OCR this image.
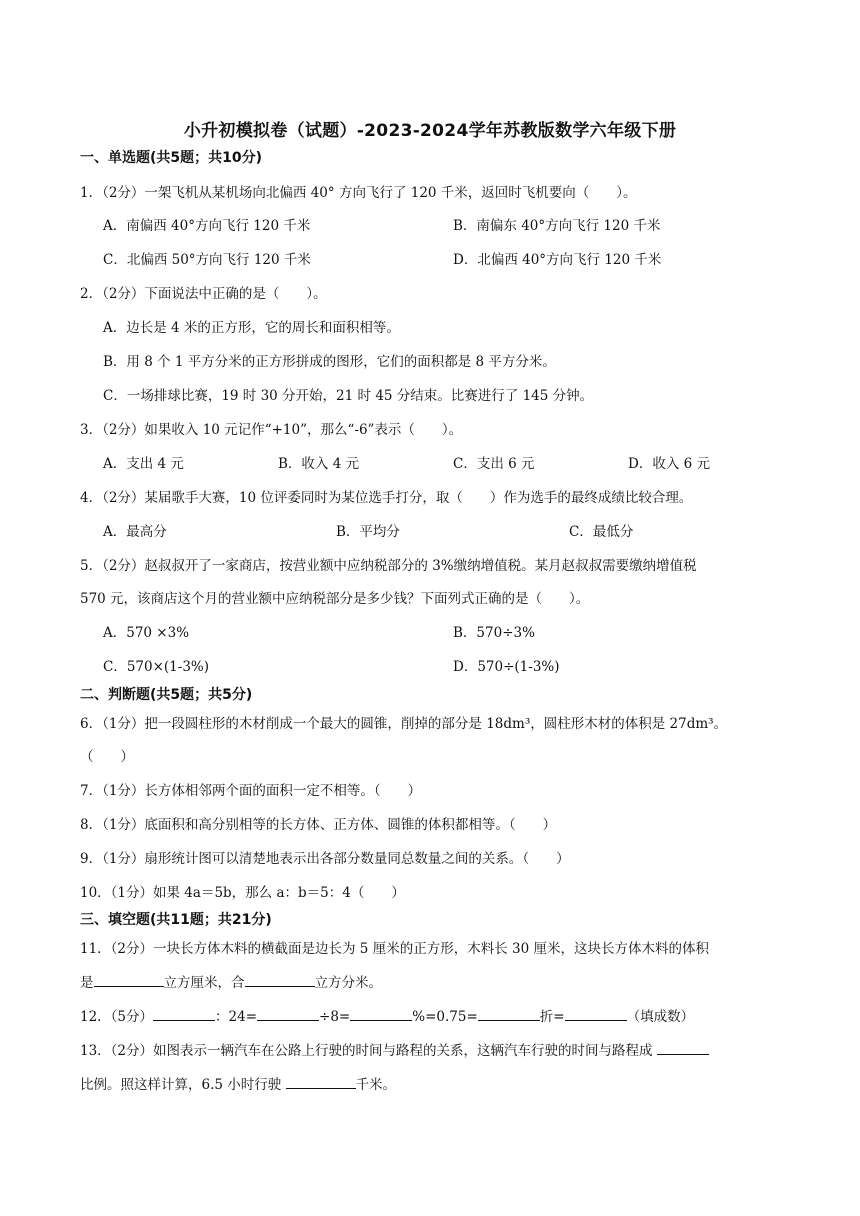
小升初模拟卷（试题）-2023-2024学年苏教版数学六年级下册
一、单选题(共5题；共10分)
1．（2分）一架飞机从某机场向北偏西 40° 方向飞行了 120 千米，返回时飞机要向（　　）。
A．南偏西 40°方向飞行 120 千米	B．南偏东 40°方向飞行 120 千米
C．北偏西 50°方向飞行 120 千米	D．北偏西 40°方向飞行 120 千米
2．（2分）下面说法中正确的是（　　）。
A．边长是 4 米的正方形，它的周长和面积相等。
B．用 8 个 1 平方分米的正方形拼成的图形，它们的面积都是 8 平方分米。
C．一场排球比赛，19 时 30 分开始，21 时 45 分结束。比赛进行了 145 分钟。
3．（2分）如果收入 10 元记作“+10”，那么“-6”表示（　　）。
A．支出 4 元	B．收入 4 元	C．支出 6 元	D．收入 6 元
4．（2分）某届歌手大赛，10 位评委同时为某位选手打分，取（　　）作为选手的最终成绩比较合理。
A．最高分	B．平均分	C．最低分
5．（2分）赵叔叔开了一家商店，按营业额中应纳税部分的 3%缴纳增值税。某月赵叔叔需要缴纳增值税
570 元，该商店这个月的营业额中应纳税部分是多少钱？下面列式正确的是（　　）。
A．570 ×3%	B．570÷3%
C．570×(1-3%)	D．570÷(1-3%)
二、判断题(共5题；共5分)
6．（1分）把一段圆柱形的木材削成一个最大的圆锥，削掉的部分是 18dm³，圆柱形木材的体积是 27dm³。
（　　）
7．（1分）长方体相邻两个面的面积一定不相等。（　　）
8．（1分）底面积和高分别相等的长方体、正方体、圆锥的体积都相等。（　　）
9．（1分）扇形统计图可以清楚地表示出各部分数量同总数量之间的关系。（　　）
10．（1分）如果 4a＝5b，那么 a：b＝5：4（　　）
三、填空题(共11题；共21分)
11．（2分）一块长方体木料的横截面是边长为 5 厘米的正方形，木料长 30 厘米，这块长方体木料的体积
是	立方厘米，合	立方分米。
12．（5分）	：24=	÷8=	%=0.75=	折=	（填成数）
13．（2分）如图表示一辆汽车在公路上行驶的时间与路程的关系，这辆汽车行驶的时间与路程成
比例。照这样计算，6.5 小时行驶	千米。
